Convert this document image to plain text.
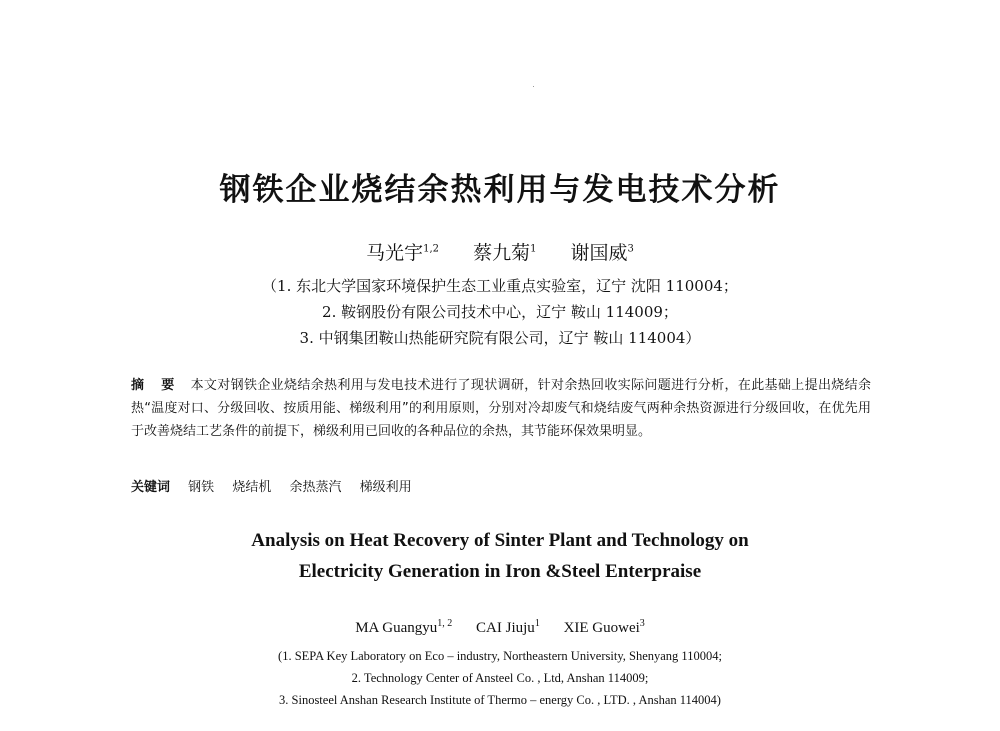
钢铁企业烧结余热利用与发电技术分析
马光宇$^{1,2}$ 蔡九菊$^1$ 谢国威$^3$
（1. 东北大学国家环境保护生态工业重点实验室，辽宁 沈阳 110004；
2. 鞍钢股份有限公司技术中心，辽宁 鞍山 114009；
3. 中钢集团鞍山热能研究院有限公司，辽宁 鞍山 114004）
摘 要 本文对钢铁企业烧结余热利用与发电技术进行了现状调研，针对余热回收实际问题进行分析，在此基础上提出烧结余热“温度对口、分级回收、按质用能、梯级利用”的利用原则，分别对冷却废气和烧结废气两种余热资源进行分级回收，在优先用于改善烧结工艺条件的前提下，梯级利用已回收的各种品位的余热，其节能环保效果明显。
关键词 钢铁 烧结机 余热蒸汽 梯级利用
Analysis on Heat Recovery of Sinter Plant and Technology on
Electricity Generation in Iron &Steel Enterpraise
MA Guangyu$^{1, 2}$ CAI Jiuju$^1$ XIE Guowei$^3$
(1. SEPA Key Laboratory on Eco – industry, Northeastern University, Shenyang 110004;
2. Technology Center of Ansteel Co. , Ltd, Anshan 114009;
3. Sinosteel Anshan Research Institute of Thermo – energy Co. , LTD. , Anshan 114004)
